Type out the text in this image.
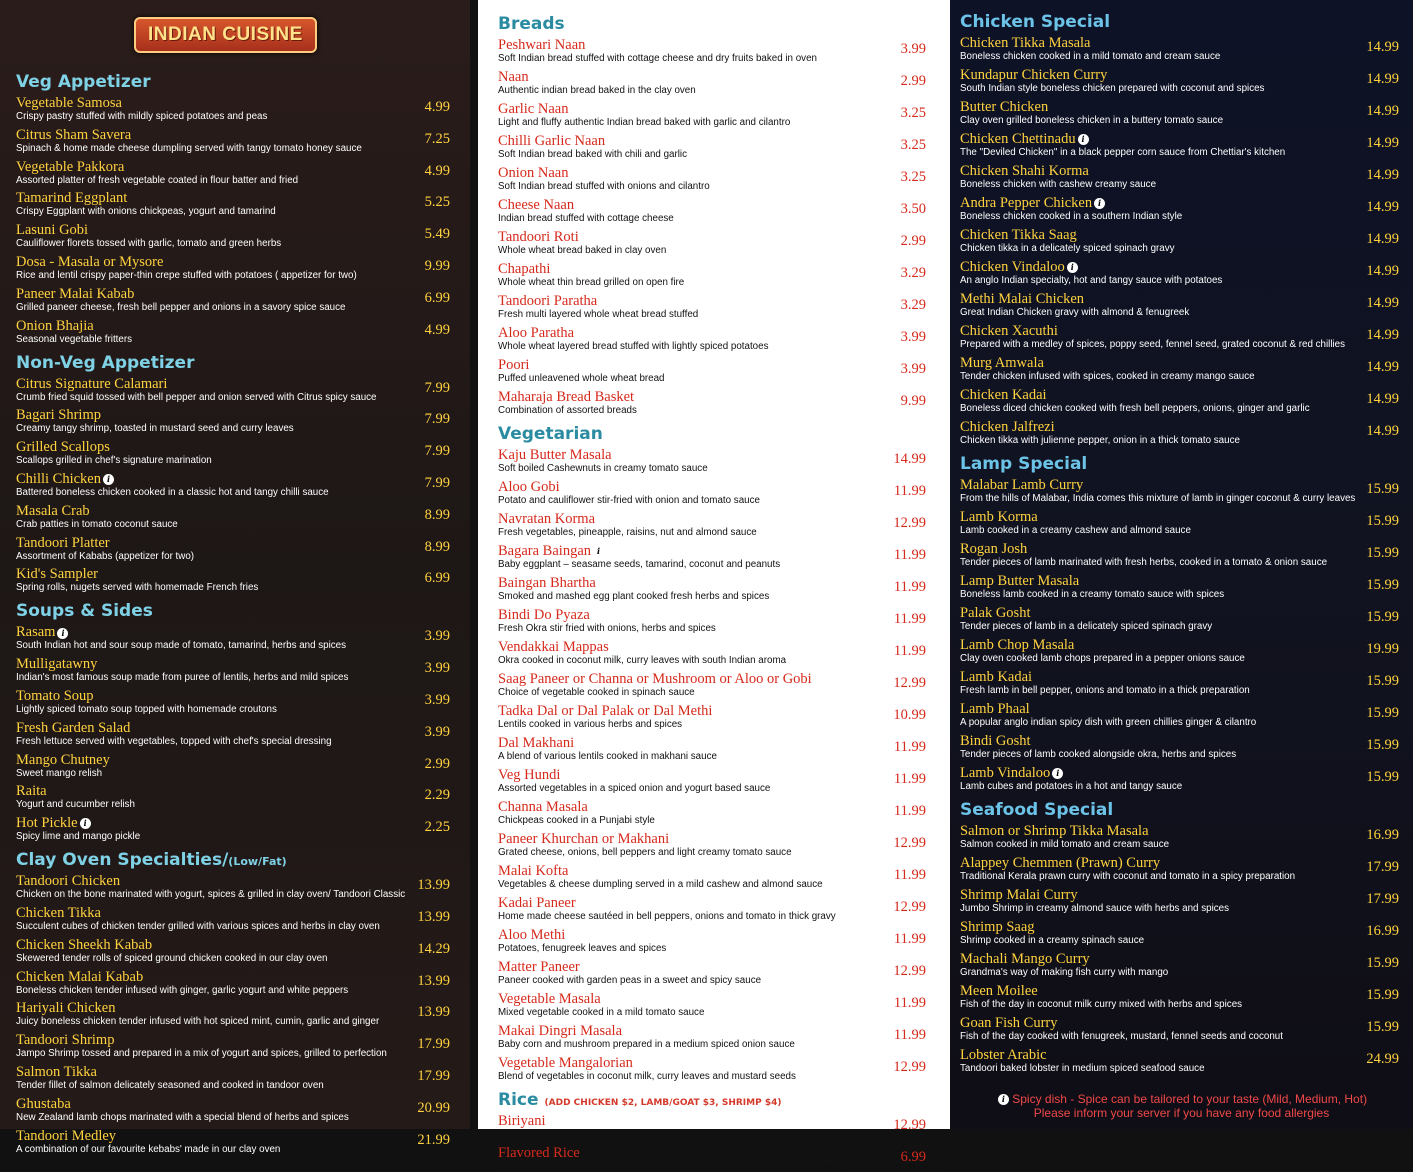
INDIAN CUISINE
Veg Appetizer
Vegetable Samosa
Crispy pastry stuffed with mildly spiced potatoes and peas
4.99
Citrus Sham Savera
Spinach & home made cheese dumpling served with tangy tomato honey sauce
7.25
Vegetable Pakkora
Assorted platter of fresh vegetable coated in flour batter and fried
4.99
Tamarind Eggplant
Crispy Eggplant with onions chickpeas, yogurt and tamarind
5.25
Lasuni Gobi
Cauliflower florets tossed with garlic, tomato and green herbs
5.49
Dosa - Masala or Mysore
Rice and lentil crispy paper-thin crepe stuffed with potatoes ( appetizer for two)
9.99
Paneer Malai Kabab
Grilled paneer cheese, fresh bell pepper and onions in a savory spice sauce
6.99
Onion Bhajia
Seasonal vegetable fritters
4.99
Non-Veg Appetizer
Citrus Signature Calamari
Crumb fried squid tossed with bell pepper and onion served with Citrus spicy sauce
7.99
Bagari Shrimp
Creamy tangy shrimp, toasted in mustard seed and curry leaves
7.99
Grilled Scallops
Scallops grilled in chef's signature marination
7.99
Chilli Chicken i
Battered boneless chicken cooked in a classic hot and tangy chilli sauce
7.99
Masala Crab
Crab patties in tomato coconut sauce
8.99
Tandoori Platter
Assortment of Kababs (appetizer for two)
8.99
Kid's Sampler
Spring rolls, nugets served with homemade French fries
6.99
Soups & Sides
Rasam i
South Indian hot and sour soup made of tomato, tamarind, herbs and spices
3.99
Mulligatawny
Indian's most famous soup made from puree of lentils, herbs and mild spices
3.99
Tomato Soup
Lightly spiced tomato soup topped with homemade croutons
3.99
Fresh Garden Salad
Fresh lettuce served with vegetables, topped with chef's special dressing
3.99
Mango Chutney
Sweet mango relish
2.99
Raita
Yogurt and cucumber relish
2.29
Hot Pickle i
Spicy lime and mango pickle
2.25
Clay Oven Specialties/(Low/Fat)
Tandoori Chicken
Chicken on the bone marinated with yogurt, spices & grilled in clay oven/ Tandoori Classic
13.99
Chicken Tikka
Succulent cubes of chicken tender grilled with various spices and herbs in clay oven
13.99
Chicken Sheekh Kabab
Skewered tender rolls of spiced ground chicken cooked in our clay oven
14.29
Chicken Malai Kabab
Boneless chicken tender infused with ginger, garlic yogurt and white peppers
13.99
Hariyali Chicken
Juicy boneless chicken tender infused with hot spiced mint, cumin, garlic and ginger
13.99
Tandoori Shrimp
Jampo Shrimp tossed and prepared in a mix of yogurt and spices, grilled to perfection
17.99
Salmon Tikka
Tender fillet of salmon delicately seasoned and cooked in tandoor oven
17.99
Ghustaba
New Zealand lamb chops marinated with a special blend of herbs and spices
20.99
Tandoori Medley
A combination of our favourite kebabs' made in our clay oven
21.99
Breads
Peshwari Naan
Soft Indian bread stuffed with cottage cheese and dry fruits baked in oven
3.99
Naan
Authentic indian bread baked in the clay oven
2.99
Garlic Naan
Light and fluffy authentic Indian bread baked with garlic and cilantro
3.25
Chilli Garlic Naan
Soft Indian bread baked with chili and garlic
3.25
Onion Naan
Soft Indian bread stuffed with onions and cilantro
3.25
Cheese Naan
Indian bread stuffed with cottage cheese
3.50
Tandoori Roti
Whole wheat bread baked in clay oven
2.99
Chapathi
Whole wheat thin bread grilled on open fire
3.29
Tandoori Paratha
Fresh multi layered whole wheat bread stuffed
3.29
Aloo Paratha
Whole wheat layered bread stuffed with lightly spiced potatoes
3.99
Poori
Puffed unleavened whole wheat bread
3.99
Maharaja Bread Basket
Combination of assorted breads
9.99
Vegetarian
Kaju Butter Masala
Soft boiled Cashewnuts in creamy tomato sauce
14.99
Aloo Gobi
Potato and cauliflower stir-fried with onion and tomato sauce
11.99
Navratan Korma
Fresh vegetables, pineapple, raisins, nut and almond sauce
12.99
Bagara Baingan i
Baby eggplant – seasame seeds, tamarind, coconut and peanuts
11.99
Baingan Bhartha
Smoked and mashed egg plant cooked fresh herbs and spices
11.99
Bindi Do Pyaza
Fresh Okra stir fried with onions, herbs and spices
11.99
Vendakkai Mappas
Okra cooked in coconut milk, curry leaves with south Indian aroma
11.99
Saag Paneer or Channa or Mushroom or Aloo or Gobi
Choice of vegetable cooked in spinach sauce
12.99
Tadka Dal or Dal Palak or Dal Methi
Lentils cooked in various herbs and spices
10.99
Dal Makhani
A blend of various lentils cooked in makhani sauce
11.99
Veg Hundi
Assorted vegetables in a spiced onion and yogurt based sauce
11.99
Channa Masala
Chickpeas cooked in a Punjabi style
11.99
Paneer Khurchan or Makhani
Grated cheese, onions, bell peppers and light creamy tomato sauce
12.99
Malai Kofta
Vegetables & cheese dumpling served in a mild cashew and almond sauce
11.99
Kadai Paneer
Home made cheese sautéed in bell peppers, onions and tomato in thick gravy
12.99
Aloo Methi
Potatoes, fenugreek leaves and spices
11.99
Matter Paneer
Paneer cooked with garden peas in a sweet and spicy sauce
12.99
Vegetable Masala
Mixed vegetable cooked in a mild tomato sauce
11.99
Makai Dingri Masala
Baby corn and mushroom prepared in a medium spiced onion sauce
11.99
Vegetable Mangalorian
Blend of vegetables in coconut milk, curry leaves and mustard seeds
12.99
Rice (ADD CHICKEN $2, LAMB/GOAT $3, SHRIMP $4)
Biriyani
Layered Safron basmati rice with your choice of meat,with Citrus signature raita
12.99
Flavored Rice
(Coconut, tamarind, tomato, lemon & cumin) Aromatic basmati rice infused with your selection of flavor
6.99
Chicken Special
Chicken Tikka Masala
Boneless chicken cooked in a mild tomato and cream sauce
14.99
Kundapur Chicken Curry
South Indian style boneless chicken prepared with coconut and spices
14.99
Butter Chicken
Clay oven grilled boneless chicken in a buttery tomato sauce
14.99
Chicken Chettinadu i
The "Deviled Chicken" in a black pepper corn sauce from Chettiar's kitchen
14.99
Chicken Shahi Korma
Boneless chicken with cashew creamy sauce
14.99
Andra Pepper Chicken i
Boneless chicken cooked in a southern Indian style
14.99
Chicken Tikka Saag
Chicken tikka in a delicately spiced spinach gravy
14.99
Chicken Vindaloo i
An anglo Indian specialty, hot and tangy sauce with potatoes
14.99
Methi Malai Chicken
Great Indian Chicken gravy with almond & fenugreek
14.99
Chicken Xacuthi
Prepared with a medley of spices, poppy seed, fennel seed, grated coconut & red chillies
14.99
Murg Amwala
Tender chicken infused with spices, cooked in creamy mango sauce
14.99
Chicken Kadai
Boneless diced chicken cooked with fresh bell peppers, onions, ginger and garlic
14.99
Chicken Jalfrezi
Chicken tikka with julienne pepper, onion in a thick tomato sauce
14.99
Lamp Special
Malabar Lamb Curry
From the hills of Malabar, India comes this mixture of lamb in ginger coconut & curry leaves
15.99
Lamb Korma
Lamb cooked in a creamy cashew and almond sauce
15.99
Rogan Josh
Tender pieces of lamb marinated with fresh herbs, cooked in a tomato & onion sauce
15.99
Lamp Butter Masala
Boneless lamb cooked in a creamy tomato sauce with spices
15.99
Palak Gosht
Tender pieces of lamb in a delicately spiced spinach gravy
15.99
Lamb Chop Masala
Clay oven cooked lamb chops prepared in a pepper onions sauce
19.99
Lamb Kadai
Fresh lamb in bell pepper, onions and tomato in a thick preparation
15.99
Lamb Phaal
A popular anglo indian spicy dish with green chillies ginger & cilantro
15.99
Bindi Gosht
Tender pieces of lamb cooked alongside okra, herbs and spices
15.99
Lamb Vindaloo i
Lamb cubes and potatoes in a hot and tangy sauce
15.99
Seafood Special
Salmon or Shrimp Tikka Masala
Salmon cooked in mild tomato and cream sauce
16.99
Alappey Chemmen (Prawn) Curry
Traditional Kerala prawn curry with coconut and tomato in a spicy preparation
17.99
Shrimp Malai Curry
Jumbo Shrimp in creamy almond sauce with herbs and spices
17.99
Shrimp Saag
Shrimp cooked in a creamy spinach sauce
16.99
Machali Mango Curry
Grandma's way of making fish curry with mango
15.99
Meen Moilee
Fish of the day in coconut milk curry mixed with herbs and spices
15.99
Goan Fish Curry
Fish of the day cooked with fenugreek, mustard, fennel seeds and coconut
15.99
Lobster Arabic
Tandoori baked lobster in medium spiced seafood sauce
24.99
i Spicy dish - Spice can be tailored to your taste (Mild, Medium, Hot)
Please inform your server if you have any food allergies
